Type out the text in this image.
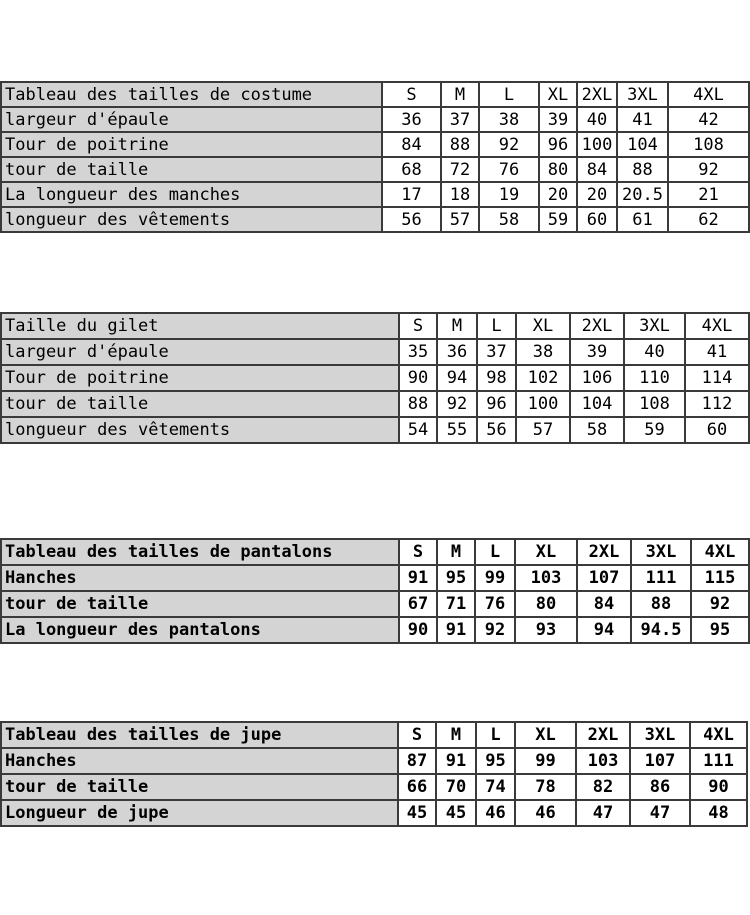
Tableau des tailles de costume	S	M	L	XL	2XL	3XL	4XL
largeur d'épaule	36	37	38	39	40	41	42
Tour de poitrine	84	88	92	96	100	104	108
tour de taille	68	72	76	80	84	88	92
La longueur des manches	17	18	19	20	20	20.5	21
longueur des vêtements	56	57	58	59	60	61	62
Taille du gilet	S	M	L	XL	2XL	3XL	4XL
largeur d'épaule	35	36	37	38	39	40	41
Tour de poitrine	90	94	98	102	106	110	114
tour de taille	88	92	96	100	104	108	112
longueur des vêtements	54	55	56	57	58	59	60
Tableau des tailles de pantalons	S	M	L	XL	2XL	3XL	4XL
Hanches	91	95	99	103	107	111	115
tour de taille	67	71	76	80	84	88	92
La longueur des pantalons	90	91	92	93	94	94.5	95
Tableau des tailles de jupe	S	M	L	XL	2XL	3XL	4XL
Hanches	87	91	95	99	103	107	111
tour de taille	66	70	74	78	82	86	90
Longueur de jupe	45	45	46	46	47	47	48
